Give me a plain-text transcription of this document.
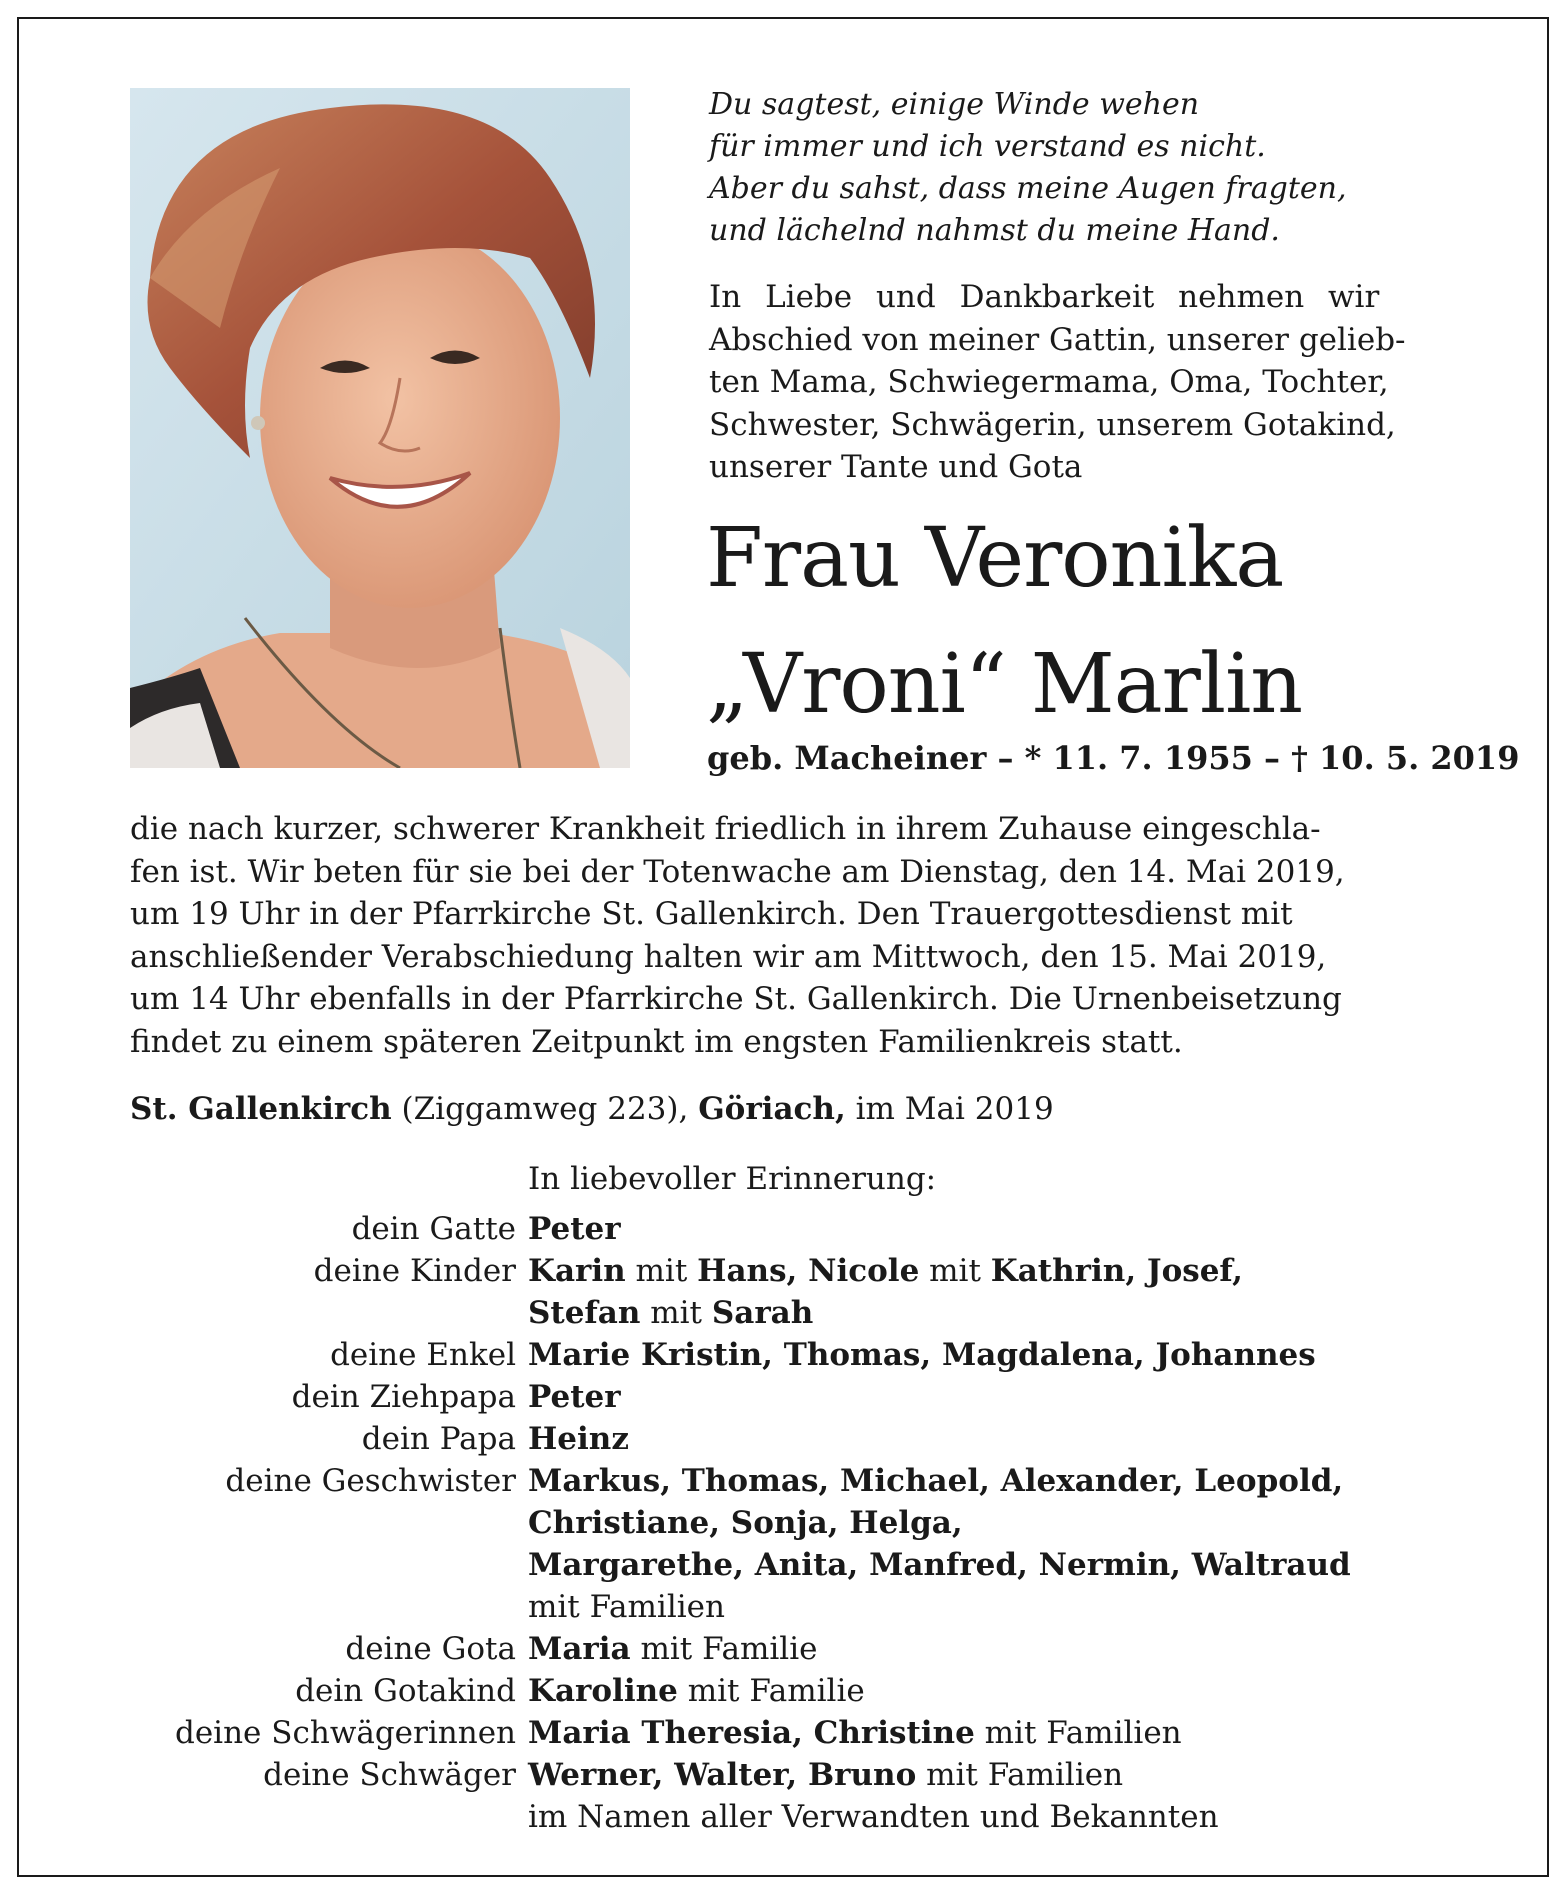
Du sagtest, einige Winde wehen
für immer und ich verstand es nicht.
Aber du sahst, dass meine Augen fragten,
und lächelnd nahmst du meine Hand.
In Liebe und Dankbarkeit nehmen wir
Abschied von meiner Gattin, unserer gelieb-
ten Mama, Schwiegermama, Oma, Tochter,
Schwester, Schwägerin, unserem Gotakind,
unserer Tante und Gota
Frau Veronika
„Vroni“ Marlin
geb. Macheiner – * 11. 7. 1955 – † 10. 5. 2019
die nach kurzer, schwerer Krankheit friedlich in ihrem Zuhause eingeschla-
fen ist. Wir beten für sie bei der Totenwache am Dienstag, den 14. Mai 2019,
um 19 Uhr in der Pfarrkirche St. Gallenkirch. Den Trauergottesdienst mit
anschließender Verabschiedung halten wir am Mittwoch, den 15. Mai 2019,
um 14 Uhr ebenfalls in der Pfarrkirche St. Gallenkirch. Die Urnenbeisetzung
findet zu einem späteren Zeitpunkt im engsten Familienkreis statt.
St. Gallenkirch (Ziggamweg 223), Göriach, im Mai 2019
In liebevoller Erinnerung:
dein Gatte Peter
deine Kinder Karin mit Hans, Nicole mit Kathrin, Josef,
Stefan mit Sarah
deine Enkel Marie Kristin, Thomas, Magdalena, Johannes
dein Ziehpapa Peter
dein Papa Heinz
deine Geschwister Markus, Thomas, Michael, Alexander, Leopold,
Christiane, Sonja, Helga,
Margarethe, Anita, Manfred, Nermin, Waltraud
mit Familien
deine Gota Maria mit Familie
dein Gotakind Karoline mit Familie
deine Schwägerinnen Maria Theresia, Christine mit Familien
deine Schwäger Werner, Walter, Bruno mit Familien
im Namen aller Verwandten und Bekannten
